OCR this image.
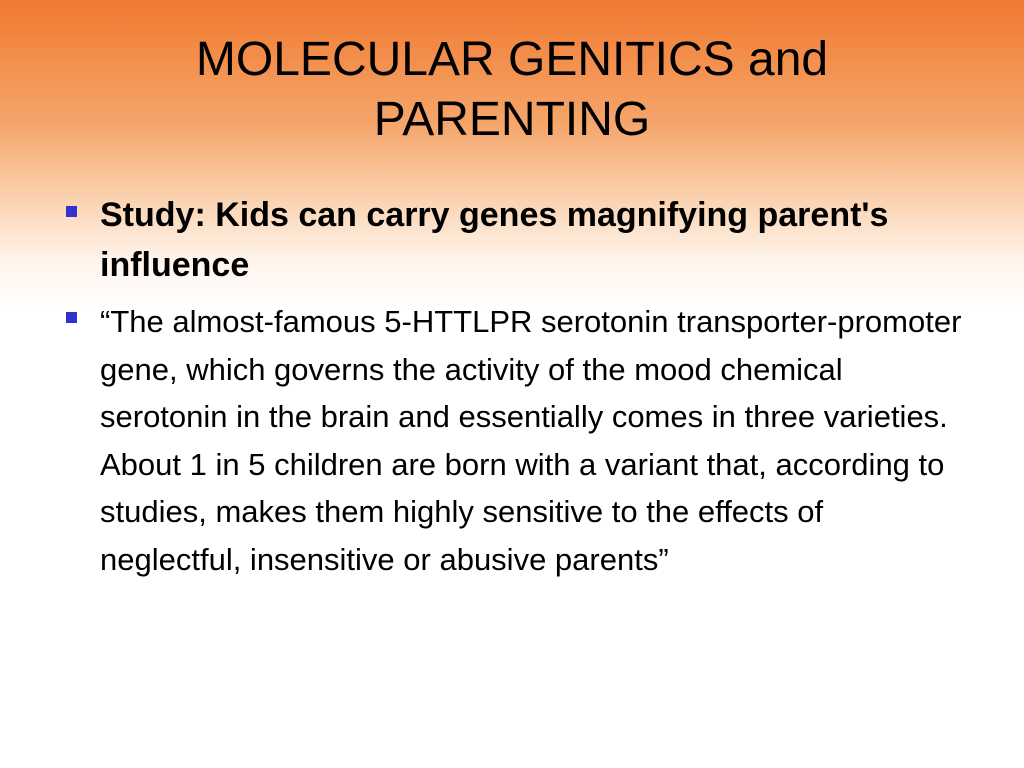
MOLECULAR GENITICS and PARENTING
Study: Kids can carry genes magnifying parent's influence
“The almost-famous 5-HTTLPR serotonin transporter-promoter gene, which governs the activity of the mood chemical serotonin in the brain and essentially comes in three varieties. About 1 in 5 children are born with a variant that, according to studies, makes them highly sensitive to the effects of neglectful, insensitive or abusive parents”
